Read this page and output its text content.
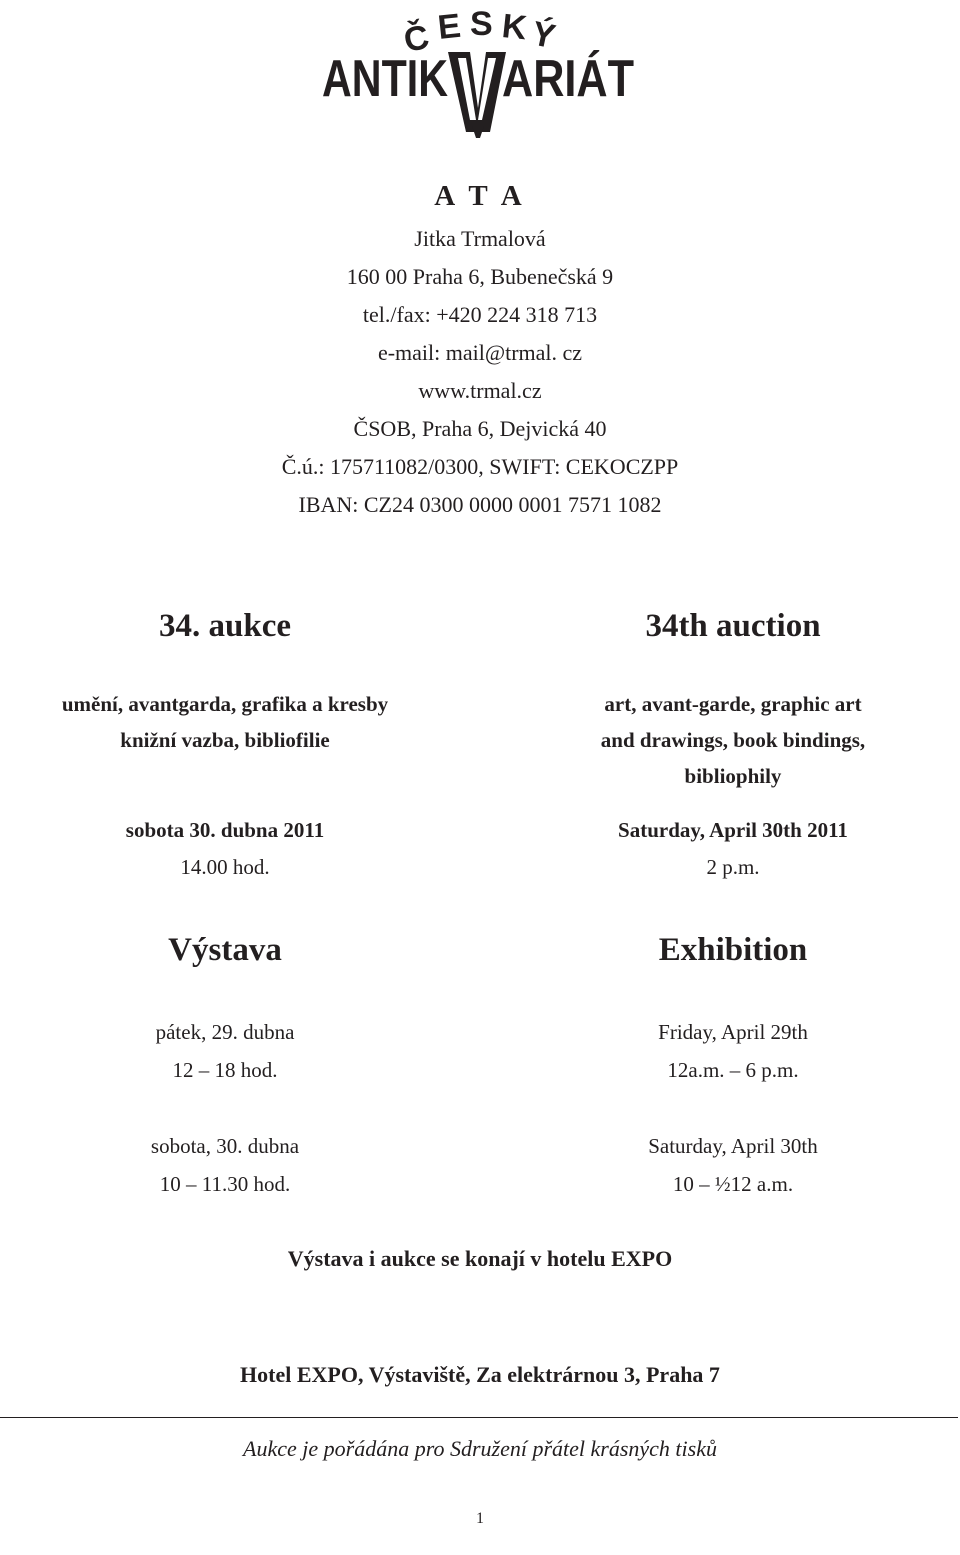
Č E S K Ý
ANTIK ARIÁT
A T A
Jitka Trmalová
160 00 Praha 6, Bubenečská 9
tel./fax: +420 224 318 713
e-mail: mail@trmal. cz
www.trmal.cz
ČSOB, Praha 6, Dejvická 40
Č.ú.: 175711082/0300, SWIFT: CEKOCZPP
IBAN: CZ24 0300 0000 0001 7571 1082
34. aukce	34th auction
umění, avantgarda, grafika a kresby
knižní vazba, bibliofilie
art, avant-garde, graphic art
and drawings, book bindings,
bibliophily
sobota 30. dubna 2011
14.00 hod.
Saturday, April 30th 2011
2 p.m.
Výstava	Exhibition
pátek, 29. dubna
12 – 18 hod.
sobota, 30. dubna
10 – 11.30 hod.
Friday, April 29th
12a.m. – 6 p.m.
Saturday, April 30th
10 – ½12 a.m.
Výstava i aukce se konají v hotelu EXPO
Hotel EXPO, Výstaviště, Za elektrárnou 3, Praha 7
Aukce je pořádána pro Sdružení přátel krásných tisků
1
